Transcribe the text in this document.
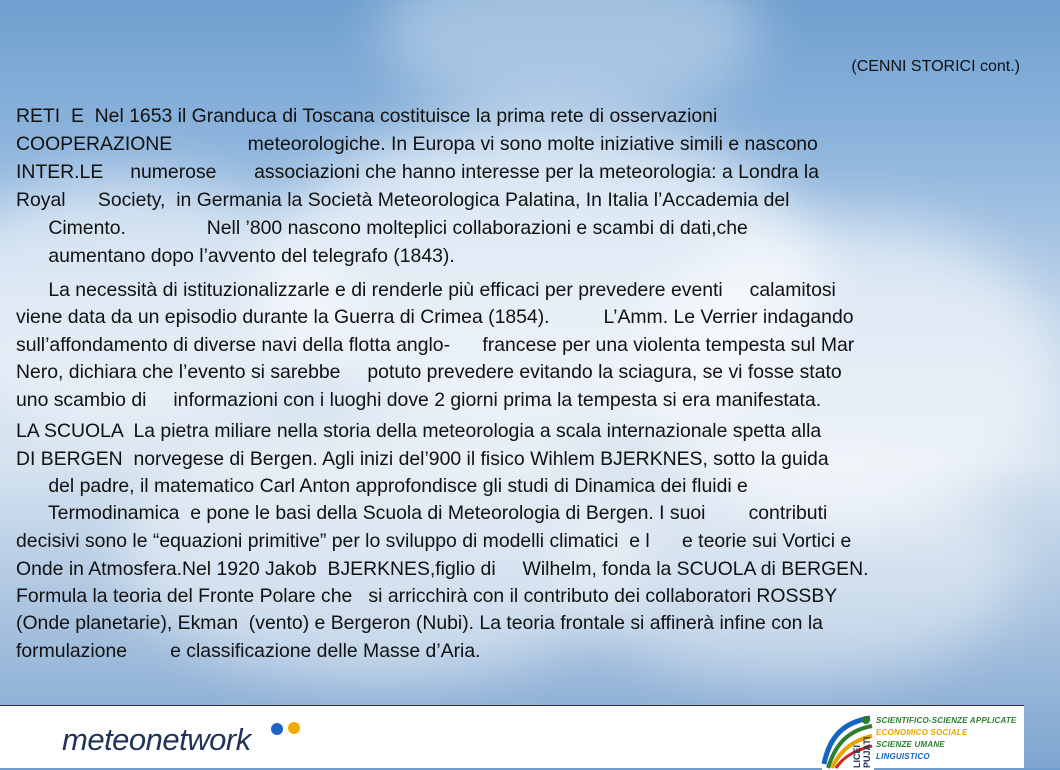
(CENNI STORICI cont.)
RETI  E  Nel 1653 il Granduca di Toscana costituisce la prima rete di osservazioni
COOPERAZIONE              meteorologiche. In Europa vi sono molte iniziative simili e nascono
INTER.LE     numerose       associazioni che hanno interesse per la meteorologia: a Londra la
Royal      Society,  in Germania la Società Meteorologica Palatina, In Italia l’Accademia del
Cimento.               Nell ’800 nascono molteplici collaborazioni e scambi di dati,che
aumentano dopo l’avvento del telegrafo (1843).
La necessità di istituzionalizzarle e di renderle più efficaci per prevedere eventi     calamitosi
viene data da un episodio durante la Guerra di Crimea (1854).          L’Amm. Le Verrier indagando
sull’affondamento di diverse navi della flotta anglo-      francese per una violenta tempesta sul Mar
Nero, dichiara che l’evento si sarebbe     potuto prevedere evitando la sciagura, se vi fosse stato
uno scambio di     informazioni con i luoghi dove 2 giorni prima la tempesta si era manifestata.
LA SCUOLA  La pietra miliare nella storia della meteorologia a scala internazionale spetta alla
DI BERGEN  norvegese di Bergen. Agli inizi del’900 il fisico Wihlem BJERKNES, sotto la guida
del padre, il matematico Carl Anton approfondisce gli studi di Dinamica dei fluidi e
Termodinamica  e pone le basi della Scuola di Meteorologia di Bergen. I suoi        contributi
decisivi sono le “equazioni primitive” per lo sviluppo di modelli climatici  e l      e teorie sui Vortici e
Onde in Atmosfera.Nel 1920 Jakob  BJERKNES,figlio di     Wilhelm, fonda la SCUOLA di BERGEN.
Formula la teoria del Fronte Polare che   si arricchirà con il contributo dei collaboratori ROSSBY
(Onde planetarie), Ekman  (vento) e Bergeron (Nubi). La teoria frontale si affinerà infine con la
formulazione        e classificazione delle Masse d’Aria.
meteonetwork	LICEI PUJATI
SCIENTIFICO-SCIENZE APPLICATE
ECONOMICO SOCIALE
SCIENZE UMANE
LINGUISTICO
